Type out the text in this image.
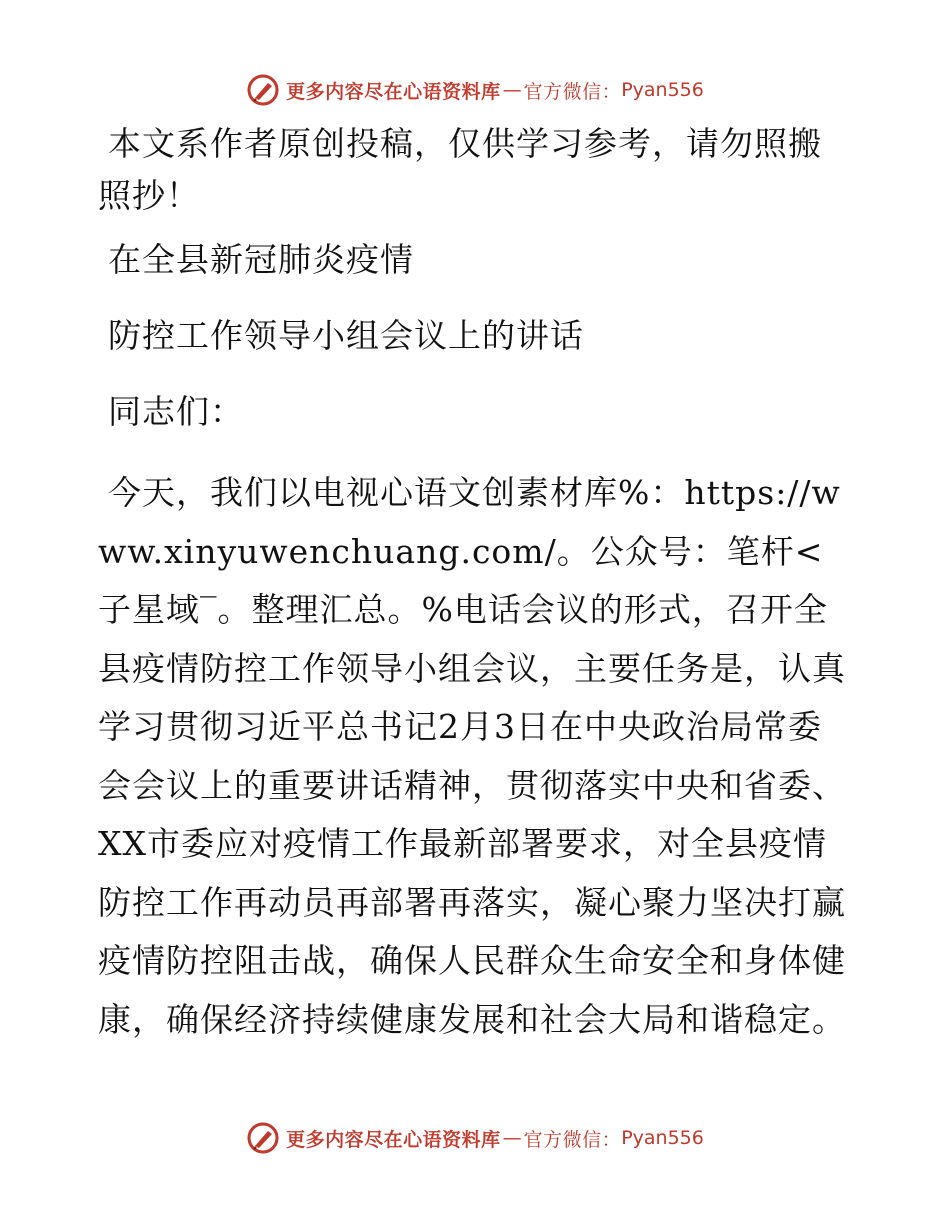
更多内容尽在心语资料库 — 官方微信： Pyan556

本文系作者原创投稿，仅供学习参考，请勿照搬照抄！

在全县新冠肺炎疫情

防控工作领导小组会议上的讲话

同志们：

今天，我们以电视心语文创素材库%：https://www.xinyuwenchuang.com/。公众号：笔杆<子星域‾。整理汇总。%电话会议的形式，召开全县疫情防控工作领导小组会议，主要任务是，认真学习贯彻习近平总书记2月3日在中央政治局常委会会议上的重要讲话精神，贯彻落实中央和省委、XX市委应对疫情工作最新部署要求，对全县疫情防控工作再动员再部署再落实，凝心聚力坚决打赢疫情防控阻击战，确保人民群众生命安全和身体健康，确保经济持续健康发展和社会大局和谐稳定。

更多内容尽在心语资料库 — 官方微信： Pyan556
